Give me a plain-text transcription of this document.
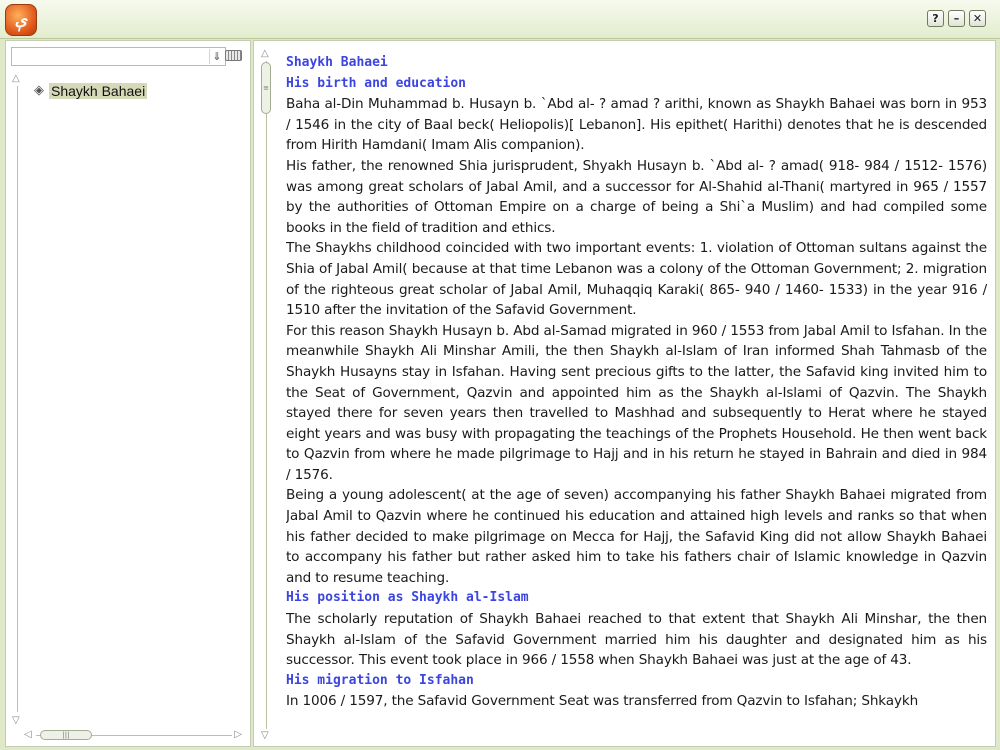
ې	?	–	✕
⇓
△
▽
◈ Shaykh Bahaei
◁	|||	▷
△
≡
▽
Shaykh Bahaei
His birth and education

Baha al-Din Muhammad b. Husayn b. `Abd al- ? amad ? arithi, known as Shaykh Bahaei was born in 953 / 1546 in the city of Baal beck( Heliopolis)[ Lebanon]. His epithet( Harithi) denotes that he is descended from Hirith Hamdani( Imam Alis companion).

His father, the renowned Shia jurisprudent, Shyakh Husayn b. `Abd al- ? amad( 918- 984 / 1512- 1576) was among great scholars of Jabal Amil, and a successor for Al-Shahid al-Thani( martyred in 965 / 1557 by the authorities of Ottoman Empire on a charge of being a Shi`a Muslim) and had compiled some books in the field of tradition and ethics.

The Shaykhs childhood coincided with two important events: 1. violation of Ottoman sultans against the Shia of Jabal Amil( because at that time Lebanon was a colony of the Ottoman Government; 2. migration of the righteous great scholar of Jabal Amil, Muhaqqiq Karaki( 865- 940 / 1460- 1533) in the year 916 / 1510 after the invitation of the Safavid Government.

For this reason Shaykh Husayn b. Abd al-Samad migrated in 960 / 1553 from Jabal Amil to Isfahan. In the meanwhile Shaykh Ali Minshar Amili, the then Shaykh al-Islam of Iran informed Shah Tahmasb of the Shaykh Husayns stay in Isfahan. Having sent precious gifts to the latter, the Safavid king invited him to the Seat of Government, Qazvin and appointed him as the Shaykh al-Islami of Qazvin. The Shaykh stayed there for seven years then travelled to Mashhad and subsequently to Herat where he stayed eight years and was busy with propagating the teachings of the Prophets Household. He then went back to Qazvin from where he made pilgrimage to Hajj and in his return he stayed in Bahrain and died in 984 / 1576.

Being a young adolescent( at the age of seven) accompanying his father Shaykh Bahaei migrated from Jabal Amil to Qazvin where he continued his education and attained high levels and ranks so that when his father decided to make pilgrimage on Mecca for Hajj, the Safavid King did not allow Shaykh Bahaei to accompany his father but rather asked him to take his fathers chair of Islamic knowledge in Qazvin and to resume teaching.

His position as Shaykh al-Islam

The scholarly reputation of Shaykh Bahaei reached to that extent that Shaykh Ali Minshar, the then Shaykh al-Islam of the Safavid Government married him his daughter and designated him as his successor. This event took place in 966 / 1558 when Shaykh Bahaei was just at the age of 43.

His migration to Isfahan

In 1006 / 1597, the Safavid Government Seat was transferred from Qazvin to Isfahan; Shkaykh
